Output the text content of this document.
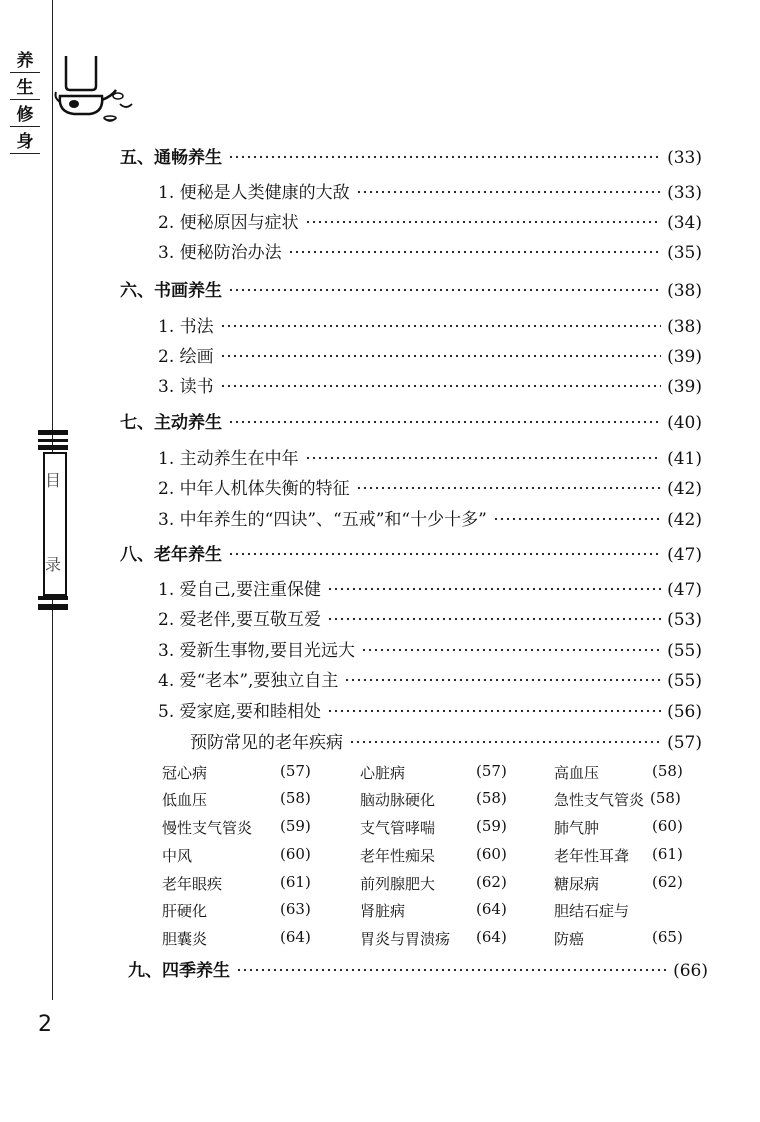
养
生
修
身
目
录
五、通畅养生	(33)
1. 便秘是人类健康的大敌	(33)
2. 便秘原因与症状	(34)
3. 便秘防治办法	(35)
六、书画养生	(38)
1. 书法	(38)
2. 绘画	(39)
3. 读书	(39)
七、主动养生	(40)
1. 主动养生在中年	(41)
2. 中年人机体失衡的特征	(42)
3. 中年养生的“四诀”、“五戒”和“十少十多”	(42)
八、老年养生	(47)
1. 爱自己,要注重保健	(47)
2. 爱老伴,要互敬互爱	(53)
3. 爱新生事物,要目光远大	(55)
4. 爱“老本”,要独立自主	(55)
5. 爱家庭,要和睦相处	(56)
预防常见的老年疾病	(57)
冠心病	(57)	心脏病	(57)	高血压	(58)
低血压	(58)	脑动脉硬化	(58)	急性支气管炎 (58)
慢性支气管炎 (59)	支气管哮喘	(59)	肺气肿	(60)
中风	(60)	老年性痴呆	(60)	老年性耳聋 (61)
老年眼疾	(61)	前列腺肥大	(62)	糖尿病	(62)
肝硬化	(63)	肾脏病	(64)	胆结石症与
胆囊炎	(64)	胃炎与胃溃疡 (64)	防癌	(65)
九、四季养生	(66)
2
